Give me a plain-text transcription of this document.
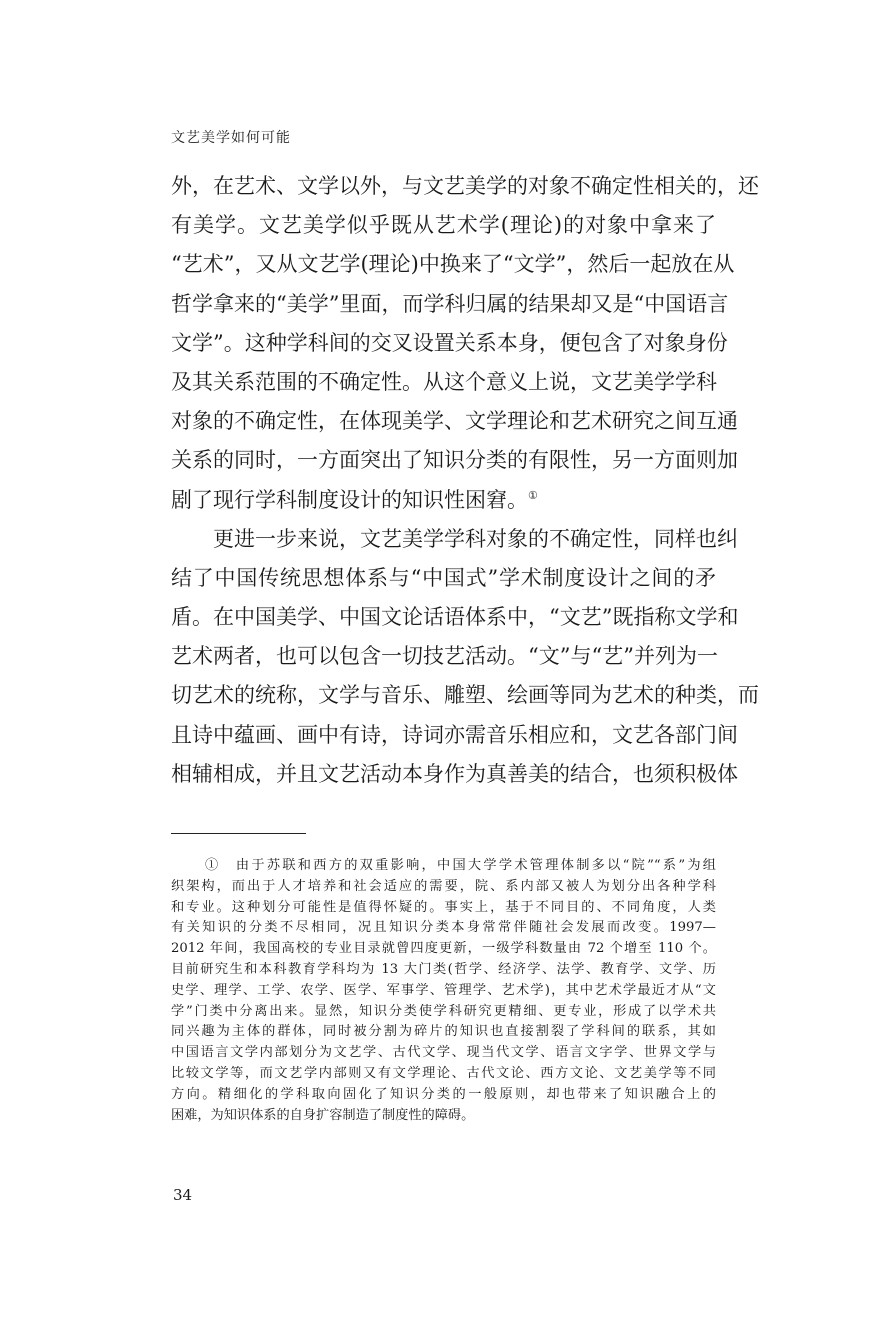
文艺美学如何可能
外，在艺术、文学以外，与文艺美学的对象不确定性相关的，还
有美学。文艺美学似乎既从艺术学(理论)的对象中拿来了
“艺术”，又从文艺学(理论)中换来了“文学”，然后一起放在从
哲学拿来的“美学”里面，而学科归属的结果却又是“中国语言
文学”。这种学科间的交叉设置关系本身，便包含了对象身份
及其关系范围的不确定性。从这个意义上说，文艺美学学科
对象的不确定性，在体现美学、文学理论和艺术研究之间互通
关系的同时，一方面突出了知识分类的有限性，另一方面则加
剧了现行学科制度设计的知识性困窘。①
更进一步来说，文艺美学学科对象的不确定性，同样也纠
结了中国传统思想体系与“中国式”学术制度设计之间的矛
盾。在中国美学、中国文论话语体系中，“文艺”既指称文学和
艺术两者，也可以包含一切技艺活动。“文”与“艺”并列为一
切艺术的统称，文学与音乐、雕塑、绘画等同为艺术的种类，而
且诗中蕴画、画中有诗，诗词亦需音乐相应和，文艺各部门间
相辅相成，并且文艺活动本身作为真善美的结合，也须积极体
①　由于苏联和西方的双重影响，中国大学学术管理体制多以“院”“系”为组
织架构，而出于人才培养和社会适应的需要，院、系内部又被人为划分出各种学科
和专业。这种划分可能性是值得怀疑的。事实上，基于不同目的、不同角度，人类
有关知识的分类不尽相同，况且知识分类本身常常伴随社会发展而改变。1997—
2012 年间，我国高校的专业目录就曾四度更新，一级学科数量由 72 个增至 110 个。
目前研究生和本科教育学科均为 13 大门类(哲学、经济学、法学、教育学、文学、历
史学、理学、工学、农学、医学、军事学、管理学、艺术学)，其中艺术学最近才从“文
学”门类中分离出来。显然，知识分类使学科研究更精细、更专业，形成了以学术共
同兴趣为主体的群体，同时被分割为碎片的知识也直接割裂了学科间的联系，其如
中国语言文学内部划分为文艺学、古代文学、现当代文学、语言文字学、世界文学与
比较文学等，而文艺学内部则又有文学理论、古代文论、西方文论、文艺美学等不同
方向。精细化的学科取向固化了知识分类的一般原则，却也带来了知识融合上的
困难，为知识体系的自身扩容制造了制度性的障碍。
34
